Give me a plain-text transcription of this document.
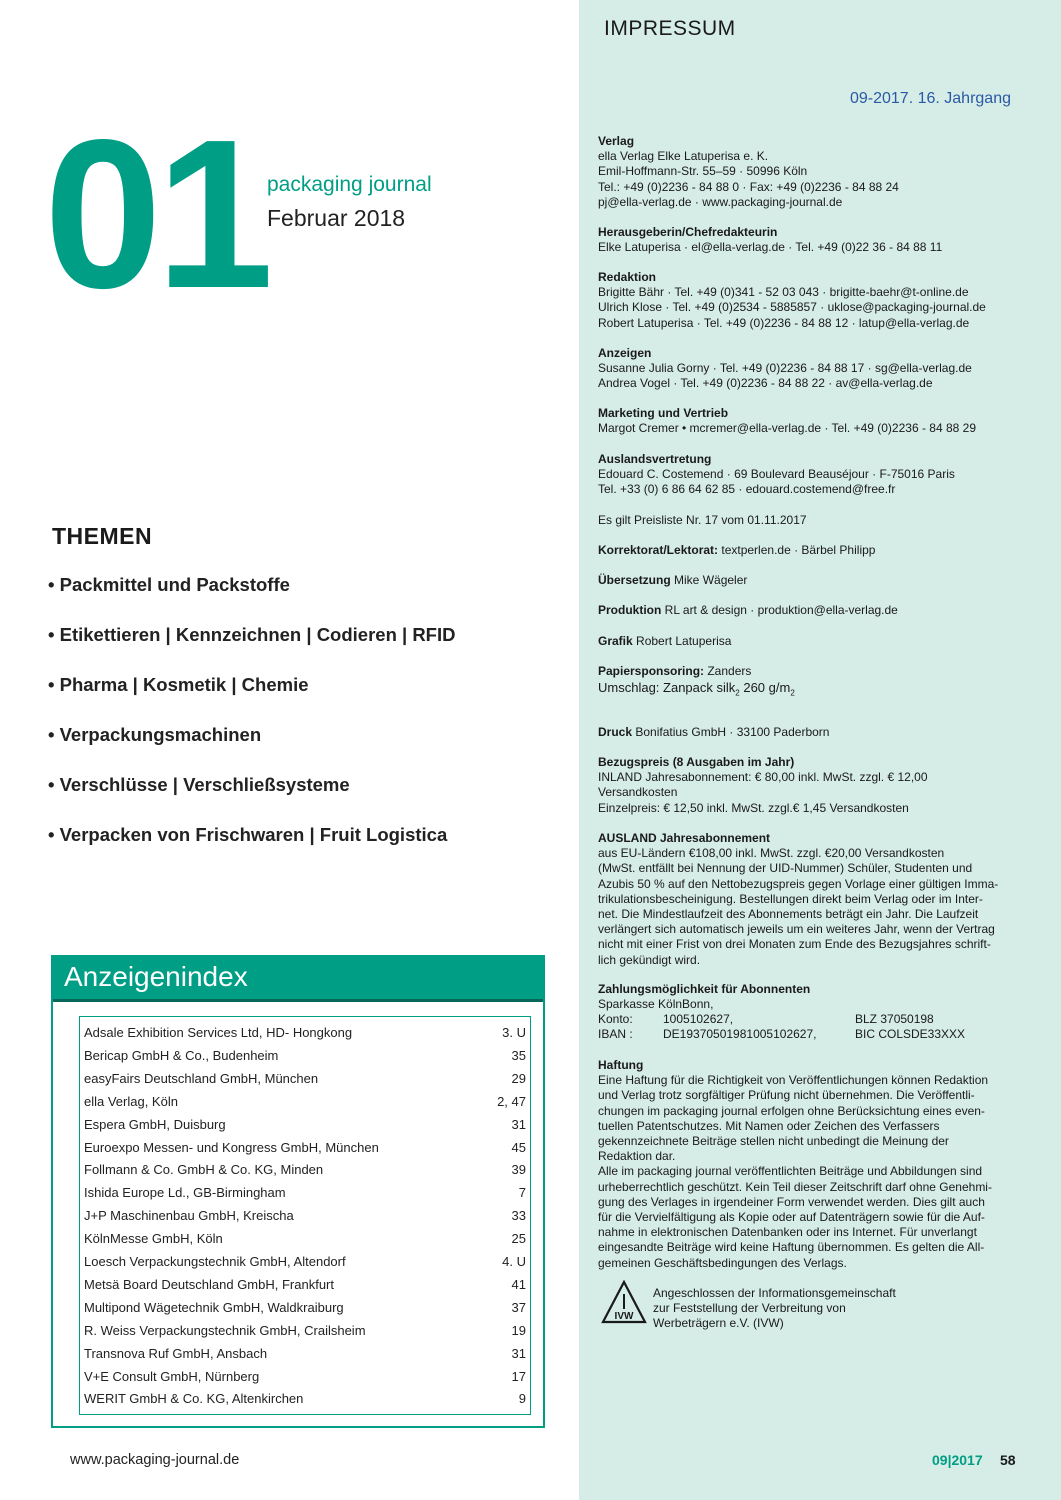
01 packaging journal
Februar 2018
THEMEN
• Packmittel und Packstoffe
• Etikettieren | Kennzeichnen | Codieren | RFID
• Pharma | Kosmetik | Chemie
• Verpackungsmachinen
• Verschlüsse | Verschließsysteme
• Verpacken von Frischwaren | Fruit Logistica
Anzeigenindex
Adsale Exhibition Services Ltd, HD- Hongkong	3. U
Bericap GmbH & Co., Budenheim	35
easyFairs Deutschland GmbH, München	29
ella Verlag, Köln	2, 47
Espera GmbH, Duisburg	31
Euroexpo Messen- und Kongress GmbH, München	45
Follmann & Co. GmbH & Co. KG, Minden	39
Ishida Europe Ld., GB-Birmingham	7
J+P Maschinenbau GmbH, Kreischa	33
KölnMesse GmbH, Köln	25
Loesch Verpackungstechnik GmbH, Altendorf	4. U
Metsä Board Deutschland GmbH, Frankfurt	41
Multipond Wägetechnik GmbH, Waldkraiburg	37
R. Weiss Verpackungstechnik GmbH, Crailsheim	19
Transnova Ruf GmbH, Ansbach	31
V+E Consult GmbH, Nürnberg	17
WERIT GmbH & Co. KG, Altenkirchen	9
www.packaging-journal.de	09|2017 58
IMPRESSUM
09-2017. 16. Jahrgang
Verlag
ella Verlag Elke Latuperisa e. K.
Emil-Hoffmann-Str. 55–59 · 50996 Köln
Tel.: +49 (0)2236 - 84 88 0 · Fax: +49 (0)2236 - 84 88 24
pj@ella-verlag.de · www.packaging-journal.de
Herausgeberin/Chefredakteurin
Elke Latuperisa · el@ella-verlag.de · Tel. +49 (0)22 36 - 84 88 11
Redaktion
Brigitte Bähr · Tel. +49 (0)341 - 52 03 043 · brigitte-baehr@t-online.de
Ulrich Klose · Tel. +49 (0)2534 - 5885857 · uklose@packaging-journal.de
Robert Latuperisa · Tel. +49 (0)2236 - 84 88 12 · latup@ella-verlag.de
Anzeigen
Susanne Julia Gorny · Tel. +49 (0)2236 - 84 88 17 · sg@ella-verlag.de
Andrea Vogel · Tel. +49 (0)2236 - 84 88 22 · av@ella-verlag.de
Marketing und Vertrieb
Margot Cremer • mcremer@ella-verlag.de · Tel. +49 (0)2236 - 84 88 29
Auslandsvertretung
Edouard C. Costemend · 69 Boulevard Beauséjour · F-75016 Paris
Tel. +33 (0) 6 86 64 62 85 · edouard.costemend@free.fr
Es gilt Preisliste Nr. 17 vom 01.11.2017
Korrektorat/Lektorat: textperlen.de · Bärbel Philipp
Übersetzung Mike Wägeler
Produktion RL art & design · produktion@ella-verlag.de
Grafik Robert Latuperisa
Papiersponsoring: Zanders
Umschlag: Zanpack silk$_2$ 260 $g/m_2$
Druck Bonifatius GmbH · 33100 Paderborn
Bezugspreis (8 Ausgaben im Jahr)
INLAND Jahresabonnement: € 80,00 inkl. MwSt. zzgl. € 12,00
Versandkosten
Einzelpreis: € 12,50 inkl. MwSt. zzgl.€ 1,45 Versandkosten
AUSLAND Jahresabonnement
aus EU-Ländern €108,00 inkl. MwSt. zzgl. €20,00 Versandkosten
(MwSt. entfällt bei Nennung der UID-Nummer) Schüler, Studenten und
Azubis 50 % auf den Nettobezugspreis gegen Vorlage einer gültigen Imma-
trikulationsbescheinigung. Bestellungen direkt beim Verlag oder im Inter-
net. Die Mindestlaufzeit des Abonnements beträgt ein Jahr. Die Laufzeit
verlängert sich automatisch jeweils um ein weiteres Jahr, wenn der Vertrag
nicht mit einer Frist von drei Monaten zum Ende des Bezugsjahres schrift-
lich gekündigt wird.
Zahlungsmöglichkeit für Abonnenten
Sparkasse KölnBonn,
Konto:	1005102627,	BLZ 37050198
IBAN :	DE19370501981005102627,	BIC COLSDE33XXX
Haftung
Eine Haftung für die Richtigkeit von Veröffentlichungen können Redaktion
und Verlag trotz sorgfältiger Prüfung nicht übernehmen. Die Veröffentli-
chungen im packaging journal erfolgen ohne Berücksichtung eines even-
tuellen Patentschutzes. Mit Namen oder Zeichen des Verfassers
gekennzeichnete Beiträge stellen nicht unbedingt die Meinung der
Redaktion dar.
Alle im packaging journal veröffentlichten Beiträge und Abbildungen sind
urheberrechtlich geschützt. Kein Teil dieser Zeitschrift darf ohne Genehmi-
gung des Verlages in irgendeiner Form verwendet werden. Dies gilt auch
für die Vervielfältigung als Kopie oder auf Datenträgern sowie für die Auf-
nahme in elektronischen Datenbanken oder ins Internet. Für unverlangt
eingesandte Beiträge wird keine Haftung übernommen. Es gelten die All-
gemeinen Geschäftsbedingungen des Verlags.
IVW
Angeschlossen der Informationsgemeinschaft
zur Feststellung der Verbreitung von
Werbeträgern e.V. (IVW)
